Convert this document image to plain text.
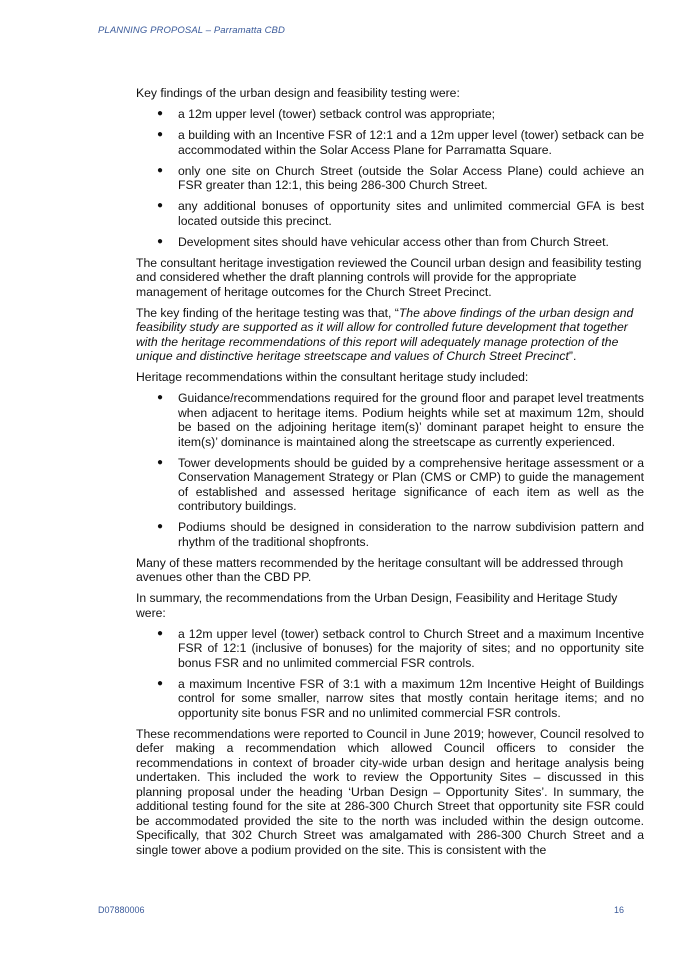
PLANNING PROPOSAL – Parramatta CBD

Key findings of the urban design and feasibility testing were:

● a 12m upper level (tower) setback control was appropriate;
● a building with an Incentive FSR of 12:1 and a 12m upper level (tower) setback can be accommodated within the Solar Access Plane for Parramatta Square.
● only one site on Church Street (outside the Solar Access Plane) could achieve an FSR greater than 12:1, this being 286-300 Church Street.
● any additional bonuses of opportunity sites and unlimited commercial GFA is best located outside this precinct.
● Development sites should have vehicular access other than from Church Street.

The consultant heritage investigation reviewed the Council urban design and feasibility testing and considered whether the draft planning controls will provide for the appropriate management of heritage outcomes for the Church Street Precinct.

The key finding of the heritage testing was that, “The above findings of the urban design and feasibility study are supported as it will allow for controlled future development that together with the heritage recommendations of this report will adequately manage protection of the unique and distinctive heritage streetscape and values of Church Street Precinct”.

Heritage recommendations within the consultant heritage study included:

● Guidance/recommendations required for the ground floor and parapet level treatments when adjacent to heritage items. Podium heights while set at maximum 12m, should be based on the adjoining heritage item(s)’ dominant parapet height to ensure the item(s)’ dominance is maintained along the streetscape as currently experienced.
● Tower developments should be guided by a comprehensive heritage assessment or a Conservation Management Strategy or Plan (CMS or CMP) to guide the management of established and assessed heritage significance of each item as well as the contributory buildings.
● Podiums should be designed in consideration to the narrow subdivision pattern and rhythm of the traditional shopfronts.

Many of these matters recommended by the heritage consultant will be addressed through avenues other than the CBD PP.

In summary, the recommendations from the Urban Design, Feasibility and Heritage Study were:

● a 12m upper level (tower) setback control to Church Street and a maximum Incentive FSR of 12:1 (inclusive of bonuses) for the majority of sites; and no opportunity site bonus FSR and no unlimited commercial FSR controls.
● a maximum Incentive FSR of 3:1 with a maximum 12m Incentive Height of Buildings control for some smaller, narrow sites that mostly contain heritage items; and no opportunity site bonus FSR and no unlimited commercial FSR controls.

These recommendations were reported to Council in June 2019; however, Council resolved to defer making a recommendation which allowed Council officers to consider the recommendations in context of broader city-wide urban design and heritage analysis being undertaken. This included the work to review the Opportunity Sites – discussed in this planning proposal under the heading ‘Urban Design – Opportunity Sites’. In summary, the additional testing found for the site at 286-300 Church Street that opportunity site FSR could be accommodated provided the site to the north was included within the design outcome. Specifically, that 302 Church Street was amalgamated with 286-300 Church Street and a single tower above a podium provided on the site. This is consistent with the

D07880006	16
